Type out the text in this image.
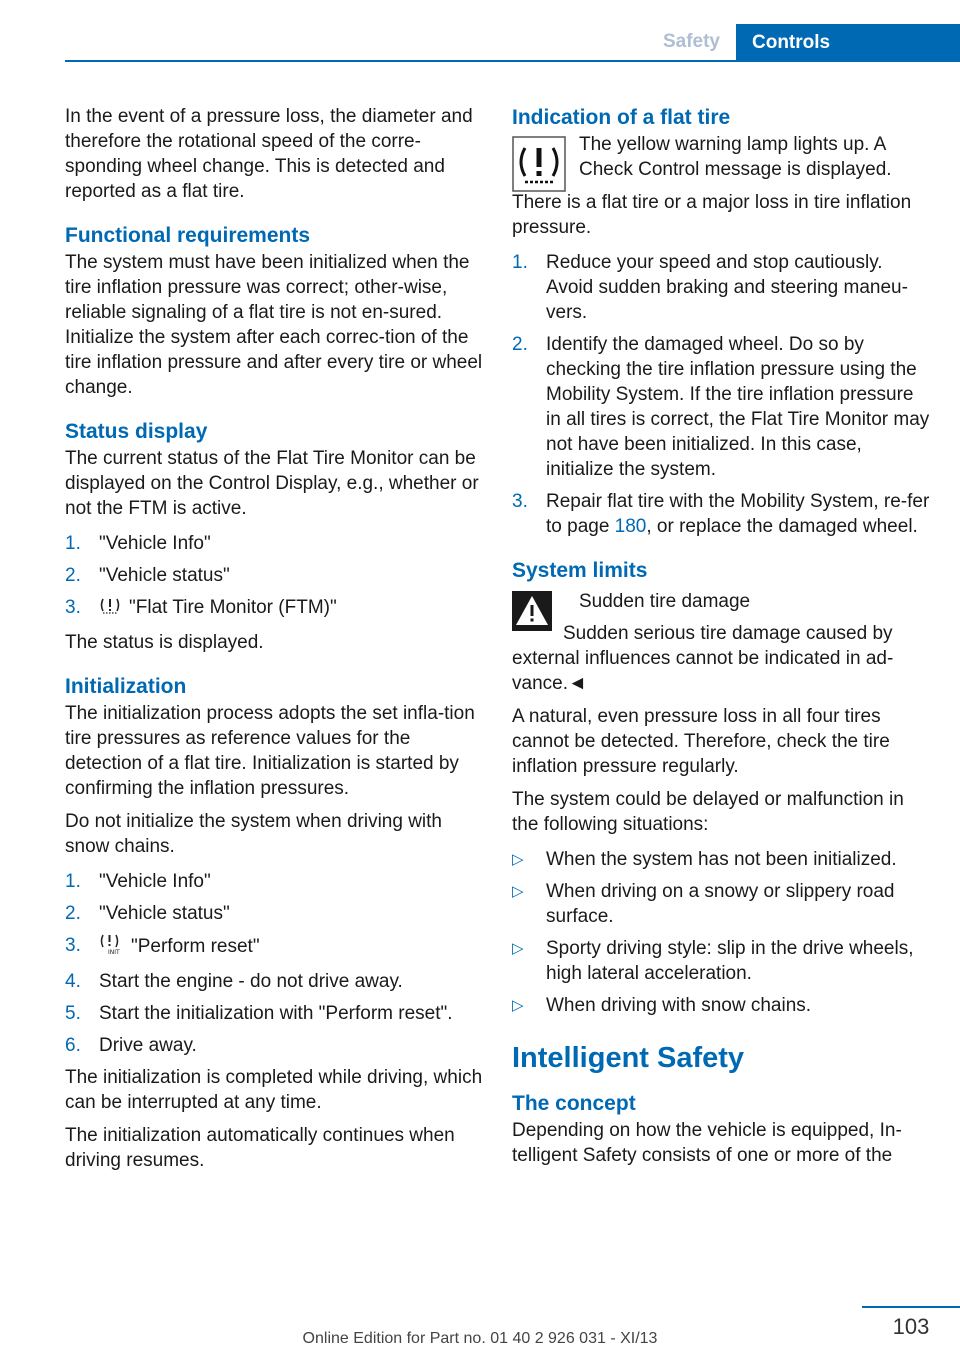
Safety	Controls

In the event of a pressure loss, the diameter and therefore the rotational speed of the corre-sponding wheel change. This is detected and reported as a flat tire.

Functional requirements

The system must have been initialized when the tire inflation pressure was correct; other-wise, reliable signaling of a flat tire is not en-sured. Initialize the system after each correc-tion of the tire inflation pressure and after every tire or wheel change.

Status display

The current status of the Flat Tire Monitor can be displayed on the Control Display, e.g., whether or not the FTM is active.

1. "Vehicle Info"
2. "Vehicle status"
3.	"Flat Tire Monitor (FTM)"

The status is displayed.

Initialization

The initialization process adopts the set infla-tion tire pressures as reference values for the detection of a flat tire. Initialization is started by confirming the inflation pressures.

Do not initialize the system when driving with snow chains.

1. "Vehicle Info"
2. "Vehicle status"
3.	INIT "Perform reset"
4. Start the engine - do not drive away.
5. Start the initialization with "Perform reset".
6. Drive away.

The initialization is completed while driving, which can be interrupted at any time.

The initialization automatically continues when driving resumes.

Indication of a flat tire

The yellow warning lamp lights up. A Check Control message is displayed.

There is a flat tire or a major loss in tire inflation pressure.

1. Reduce your speed and stop cautiously. Avoid sudden braking and steering maneu-vers.
2. Identify the damaged wheel. Do so by checking the tire inflation pressure using the Mobility System. If the tire inflation pressure in all tires is correct, the Flat Tire Monitor may not have been initialized. In this case, initialize the system.
3. Repair flat tire with the Mobility System, re-fer to page 180, or replace the damaged wheel.
System limits

Sudden tire damage

Sudden serious tire damage caused by external influences cannot be indicated in ad-vance.◄

A natural, even pressure loss in all four tires cannot be detected. Therefore, check the tire inflation pressure regularly.

The system could be delayed or malfunction in the following situations:

▷ When the system has not been initialized.
▷ When driving on a snowy or slippery road surface.
▷ Sporty driving style: slip in the drive wheels, high lateral acceleration.
▷ When driving with snow chains.
Intelligent Safety
The concept

Depending on how the vehicle is equipped, In-telligent Safety consists of one or more of the

103
Online Edition for Part no. 01 40 2 926 031 - XI/13
